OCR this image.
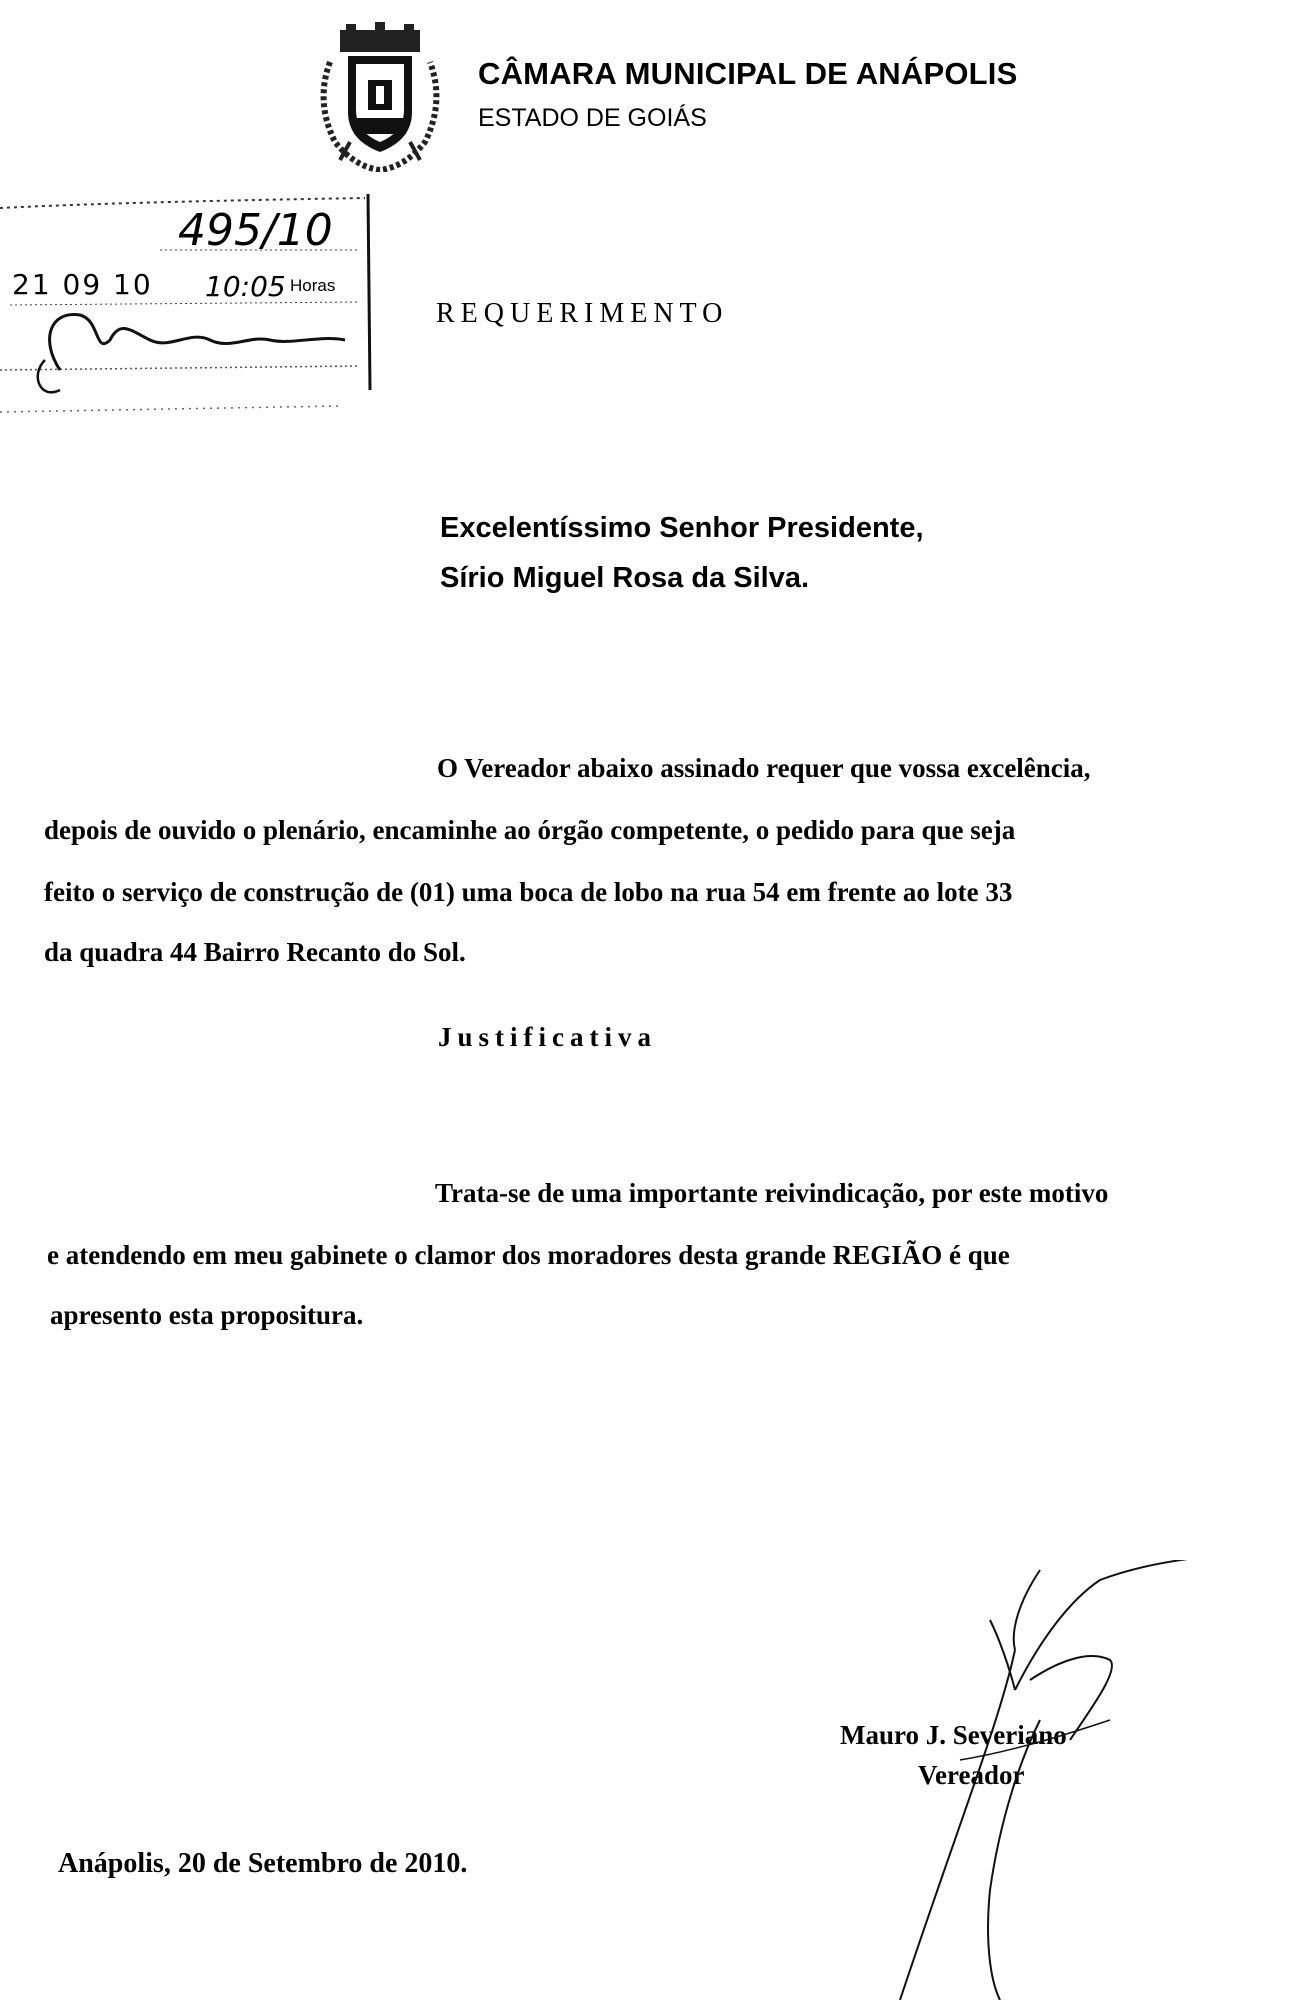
CÂMARA MUNICIPAL DE ANÁPOLIS
ESTADO DE GOIÁS
495/10
21 09 10 10:05 Horas
REQUERIMENTO
Excelentíssimo Senhor Presidente,
Sírio Miguel Rosa da Silva.
O Vereador abaixo assinado requer que vossa excelência,
depois de ouvido o plenário, encaminhe ao órgão competente, o pedido para que seja
feito o serviço de construção de (01) uma boca de lobo na rua 54 em frente ao lote 33
da quadra 44 Bairro Recanto do Sol.
Justificativa
Trata-se de uma importante reivindicação, por este motivo
e atendendo em meu gabinete o clamor dos moradores desta grande REGIÃO é que
apresento esta propositura.
Mauro J. Severiano
Vereador
Anápolis, 20 de Setembro de 2010.
